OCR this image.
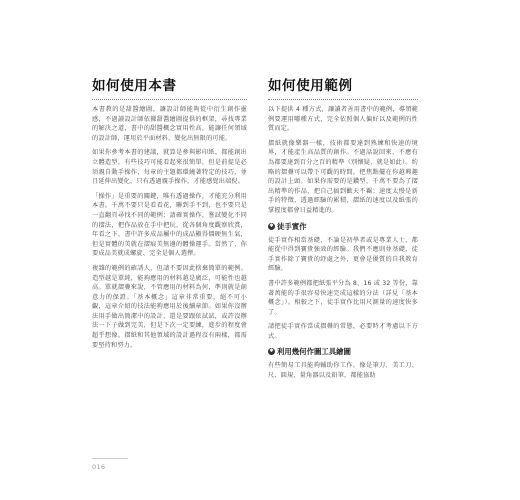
如何使用本書

本書教的是甜醬繪圖，讓設計師能夠從中衍生創作靈感，不過讀設計師依據甜醬繪圖提供的框架，尋找專業的解決之道，書中的甜醬概念實用性高，能讓任何領域的設計師，運用於平面材料、變化出無限的可能。

如果你參考本書的建議，就算是參與影印紙、都能創出立體造型。有些技巧可能看起來很簡單，但是前提是必須親自動手操作，每章的主題都環繞著特定的技巧，並且延伸出變化，只有透過親手操作，才能感覺出端倪。

「操作」是重要的關鍵，唯有透過操作，才能充分利用本書。千萬不要只是看看花，聯到手不到，也不要只是一直翻頁尋找不同的範例；請確實操作，嘗試變化不同的摺法，把作品放在手中把玩，從各個角度觀察欣賞，年看之下，書中許多成品屬中的成品顯得僵硬無生氣，但是實體的美就在摺痕美無邊的體操運手。當然了，你要成品美就成螺旋、完全是個人選擇。

複雜的範例的確誘人，但請不要因此捨棄簡單的範例。造型越是單純，能夠應用的材料越是廣泛，可能性也越高。單就摺疊來說，不管應用的材料為何，準則就是創意力的保證。「基本概念」這章非常重要，絕不可小覷，這章介紹的技法能夠應用於後續章節。如果你沒辦法用手做出簡潔中的設計，還是要跟依試試，或許沒辦法一下子做到完美，但是下次一定要練，進步的程度會超乎想像。摺紙和其他領域的設計過程沒有兩樣，都需要堅持和努力。

如何使用範例

以下提供 4 種方式，讓讀者善用書中的範例，導領範例要運用哪種方式，完全依照個人偏好以及範例的性質而定。

摺紙就像樂器一樣，技術都要達到熟練和快速的境界，才能產生高品質的創作。不過話說回來，不應有為都要達到百分之百的精準（別懷疑，就是如此）。約略的摺疊可以帶下可觀的時間，把焦點擺在你越興趣的設計上頭。如果你需要的是鑽型，千萬不要為了摺出精準的作品，把自己搞到歡天不羈；速度太慢是新手的特徵，透過經驗的累積，摺紙的速度以及紙張的掌握度都會日益精進的。

✱ 徒手實作

徒手實作相當基礎，不論是初學者或是專業人士，都能從中得到寶貴強效的經驗。我們不應則並基礎，徒手實作除了寶貴的紓處之外，更會是優質的自我教育經驗。

書中許多範例都把紙張平分為 8、16 或 32 等份，靠著萬能的手很容易快速完成這樣的分法（詳見「基本概念」）。相較之下，徒手實作比用尺測量的速度快多了。

請把徒手實作當成摺疊的常態，必要時才考慮以下方式。

✱ 利用幾何作圖工具繪圖

有些簡易工具能夠輔助你工作，像是筆刀、美工刀、尺、圓規、量角器以及鉛筆，都能協助

016
